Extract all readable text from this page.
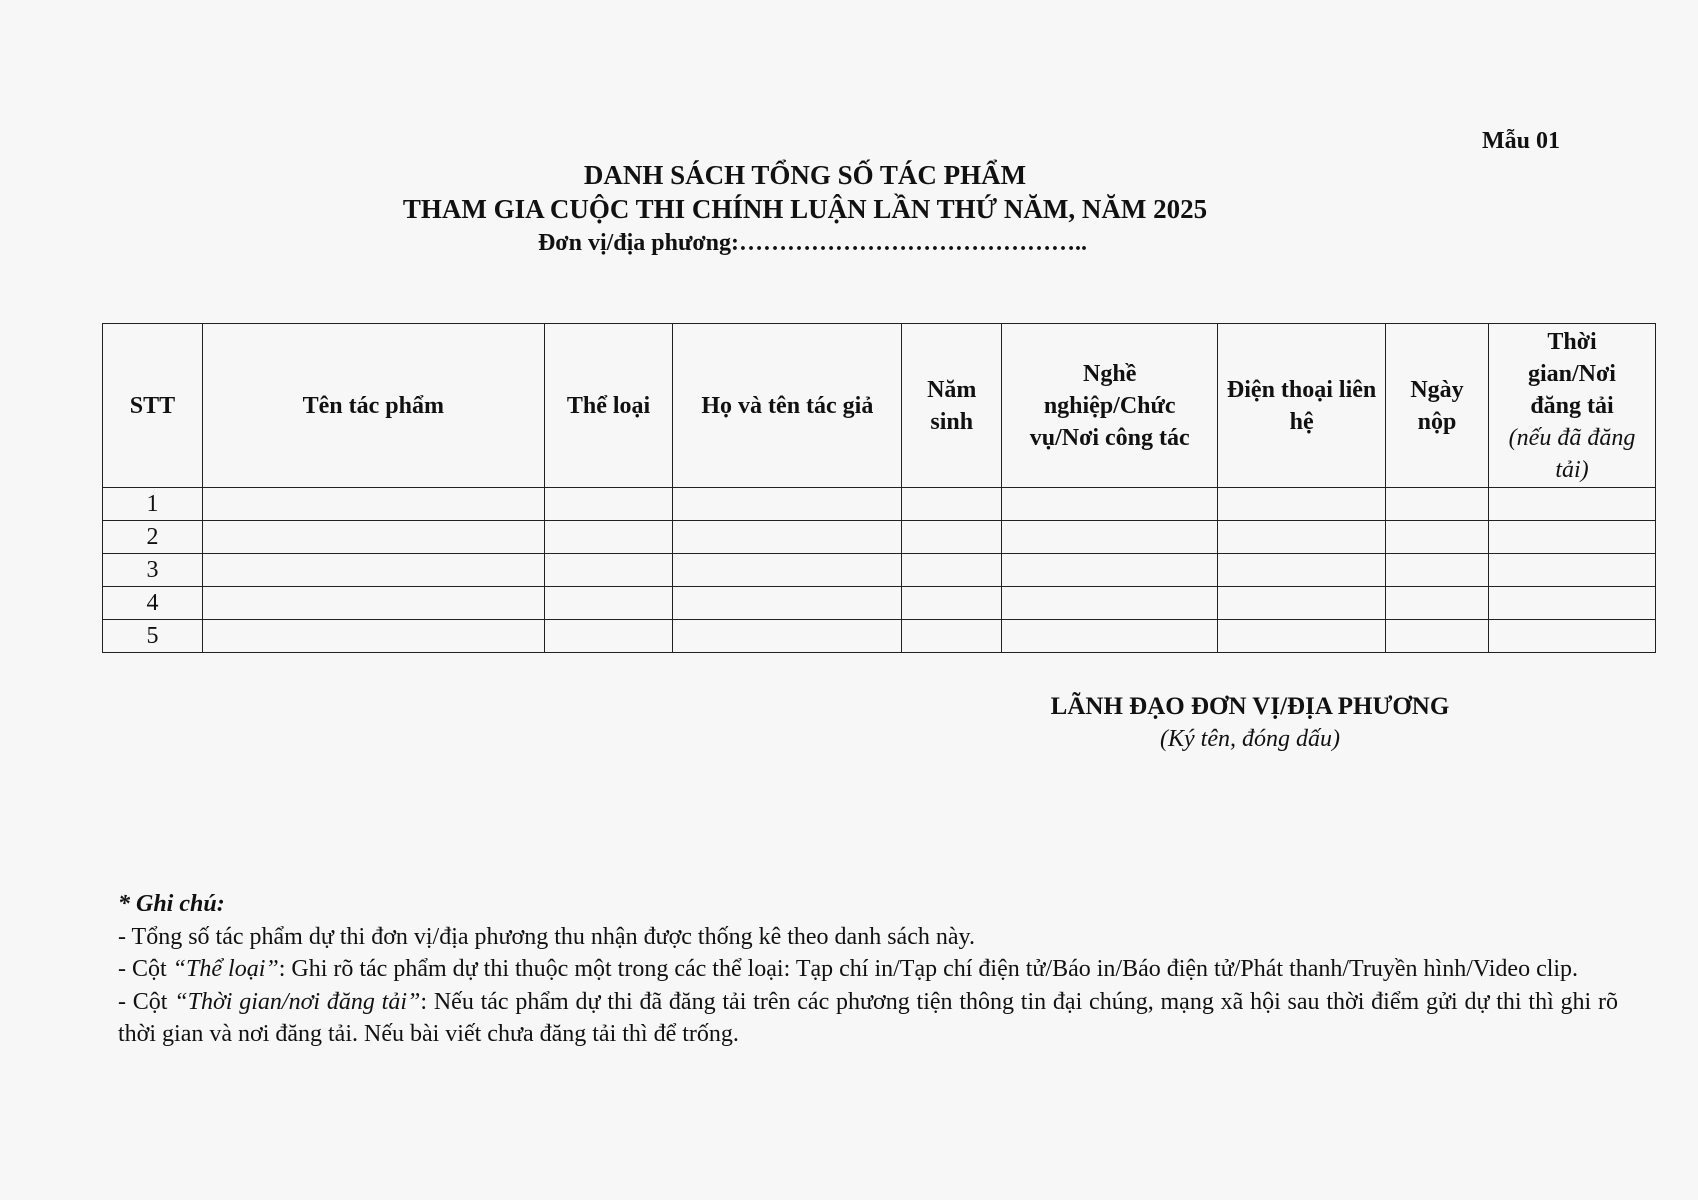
Mẫu 01
DANH SÁCH TỔNG SỐ TÁC PHẨM
THAM GIA CUỘC THI CHÍNH LUẬN LẦN THỨ NĂM, NĂM 2025
Đơn vị/địa phương:……………………………………..
STT	Tên tác phẩm	Thể loại	Họ và tên tác giả	Năm sinh	Nghề nghiệp/Chức vụ/Nơi công tác	Điện thoại liên hệ	Ngày nộp	Thời gian/Nơi đăng tải
(nếu đã đăng tải)
1								
2								
3								
4								
5								
LÃNH ĐẠO ĐƠN VỊ/ĐỊA PHƯƠNG
(Ký tên, đóng dấu)

* Ghi chú:

- Tổng số tác phẩm dự thi đơn vị/địa phương thu nhận được thống kê theo danh sách này.

- Cột “Thể loại”: Ghi rõ tác phẩm dự thi thuộc một trong các thể loại: Tạp chí in/Tạp chí điện tử/Báo in/Báo điện tử/Phát thanh/Truyền hình/Video clip.

- Cột “Thời gian/nơi đăng tải”: Nếu tác phẩm dự thi đã đăng tải trên các phương tiện thông tin đại chúng, mạng xã hội sau thời điểm gửi dự thi thì ghi rõ thời gian và nơi đăng tải. Nếu bài viết chưa đăng tải thì để trống.
